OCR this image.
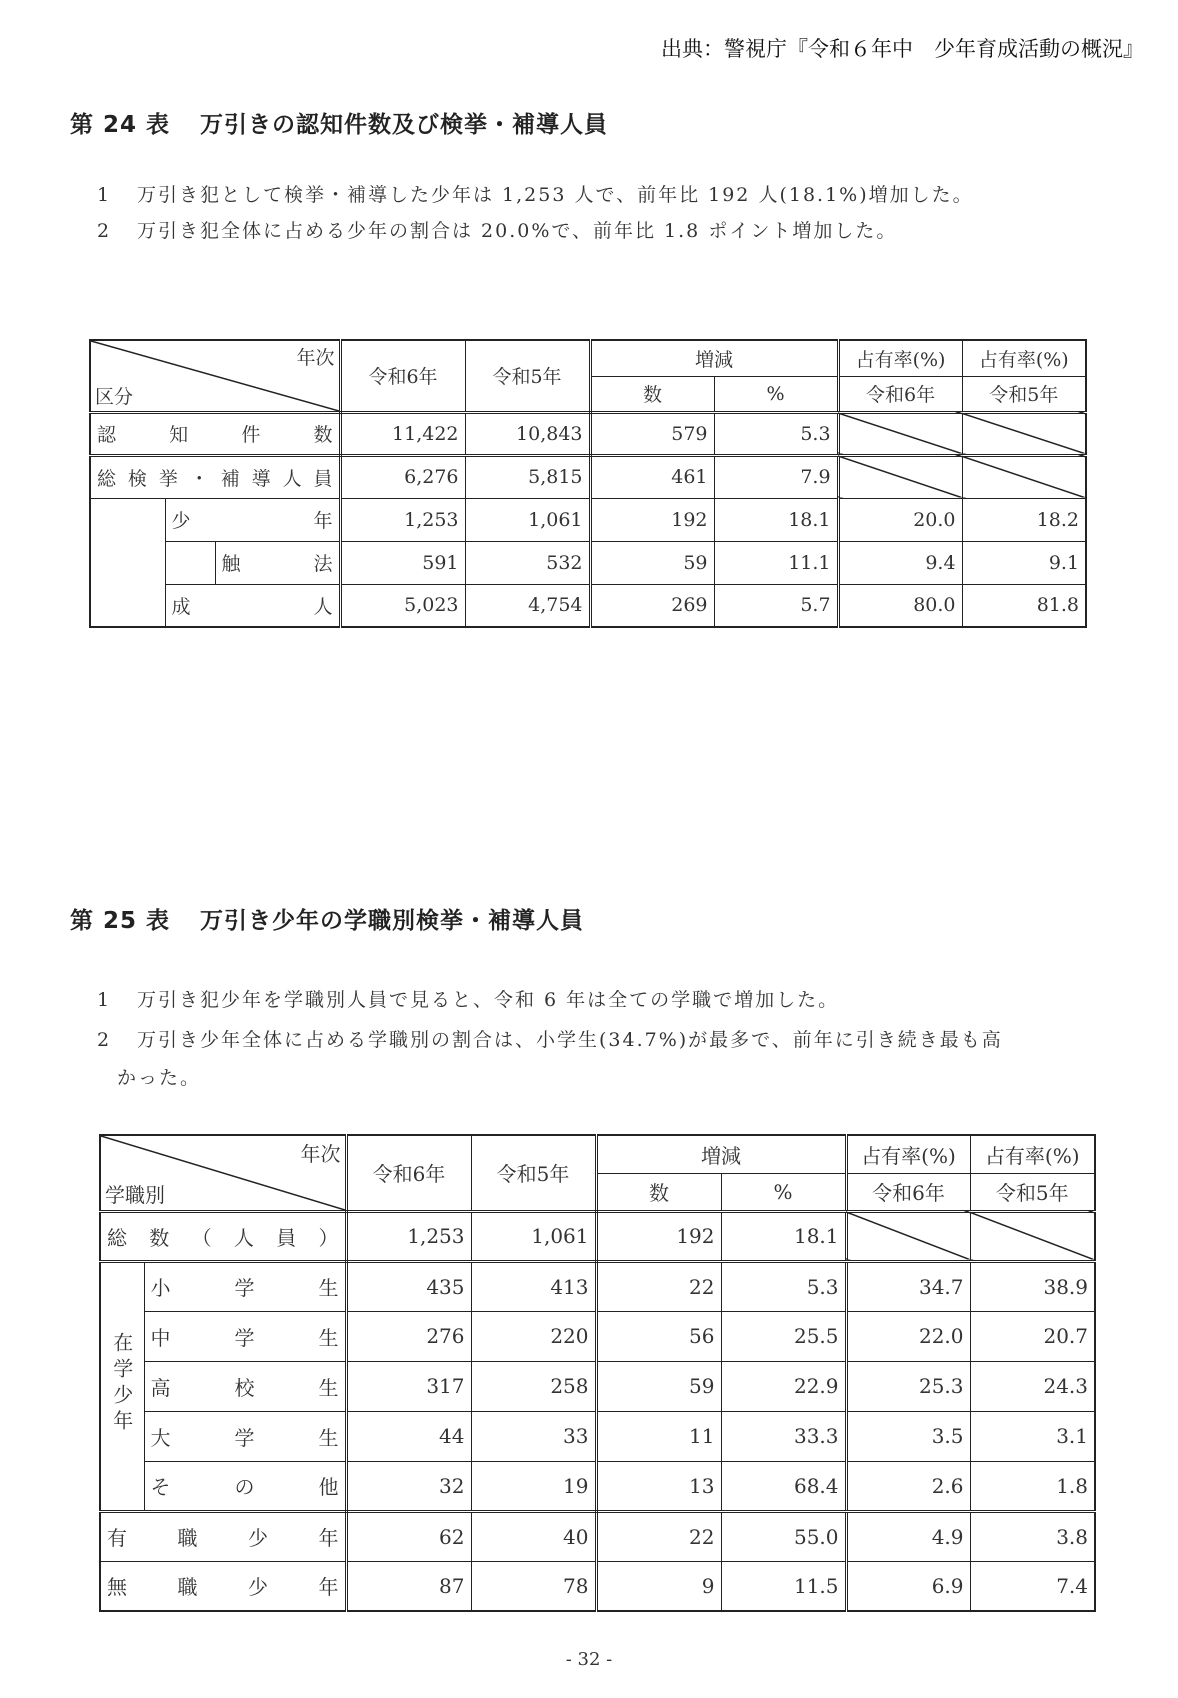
出典：警視庁『令和６年中　少年育成活動の概況』
第 24 表 万引きの認知件数及び検挙・補導人員
1 万引き犯として検挙・補導した少年は 1,253 人で、前年比 192 人(18.1%)増加した。
2 万引き犯全体に占める少年の割合は 20.0%で、前年比 1.8 ポイント増加した。
年次
区分			令和6年	令和5年	増減		占有率(%)	占有率(%)
					数	%	令和6年	令和5年
認知件数			11,422	10,843	579	5.3		
総検挙・補導人員			6,276	5,815	461	7.9		
	少年		1,253	1,061	192	18.1	20.0	18.2
		触法	591	532	59	11.1	9.4	9.1
	成人		5,023	4,754	269	5.7	80.0	81.8
第 25 表 万引き少年の学職別検挙・補導人員
1 万引き犯少年を学職別人員で見ると、令和 6 年は全ての学職で増加した。
2 万引き少年全体に占める学職別の割合は、小学生(34.7%)が最多で、前年に引き続き最も高
かった。
年次
学職別		令和6年	令和5年	増減		占有率(%)	占有率(%)
				数	%	令和6年	令和5年
総数（人員）		1,253	1,061	192	18.1		
在学少年	小学生	435	413	22	5.3	34.7	38.9
	中学生	276	220	56	25.5	22.0	20.7
	高校生	317	258	59	22.9	25.3	24.3
	大学生	44	33	11	33.3	3.5	3.1
	その他	32	19	13	68.4	2.6	1.8
有職少年		62	40	22	55.0	4.9	3.8
無職少年		87	78	9	11.5	6.9	7.4
- 32 -
